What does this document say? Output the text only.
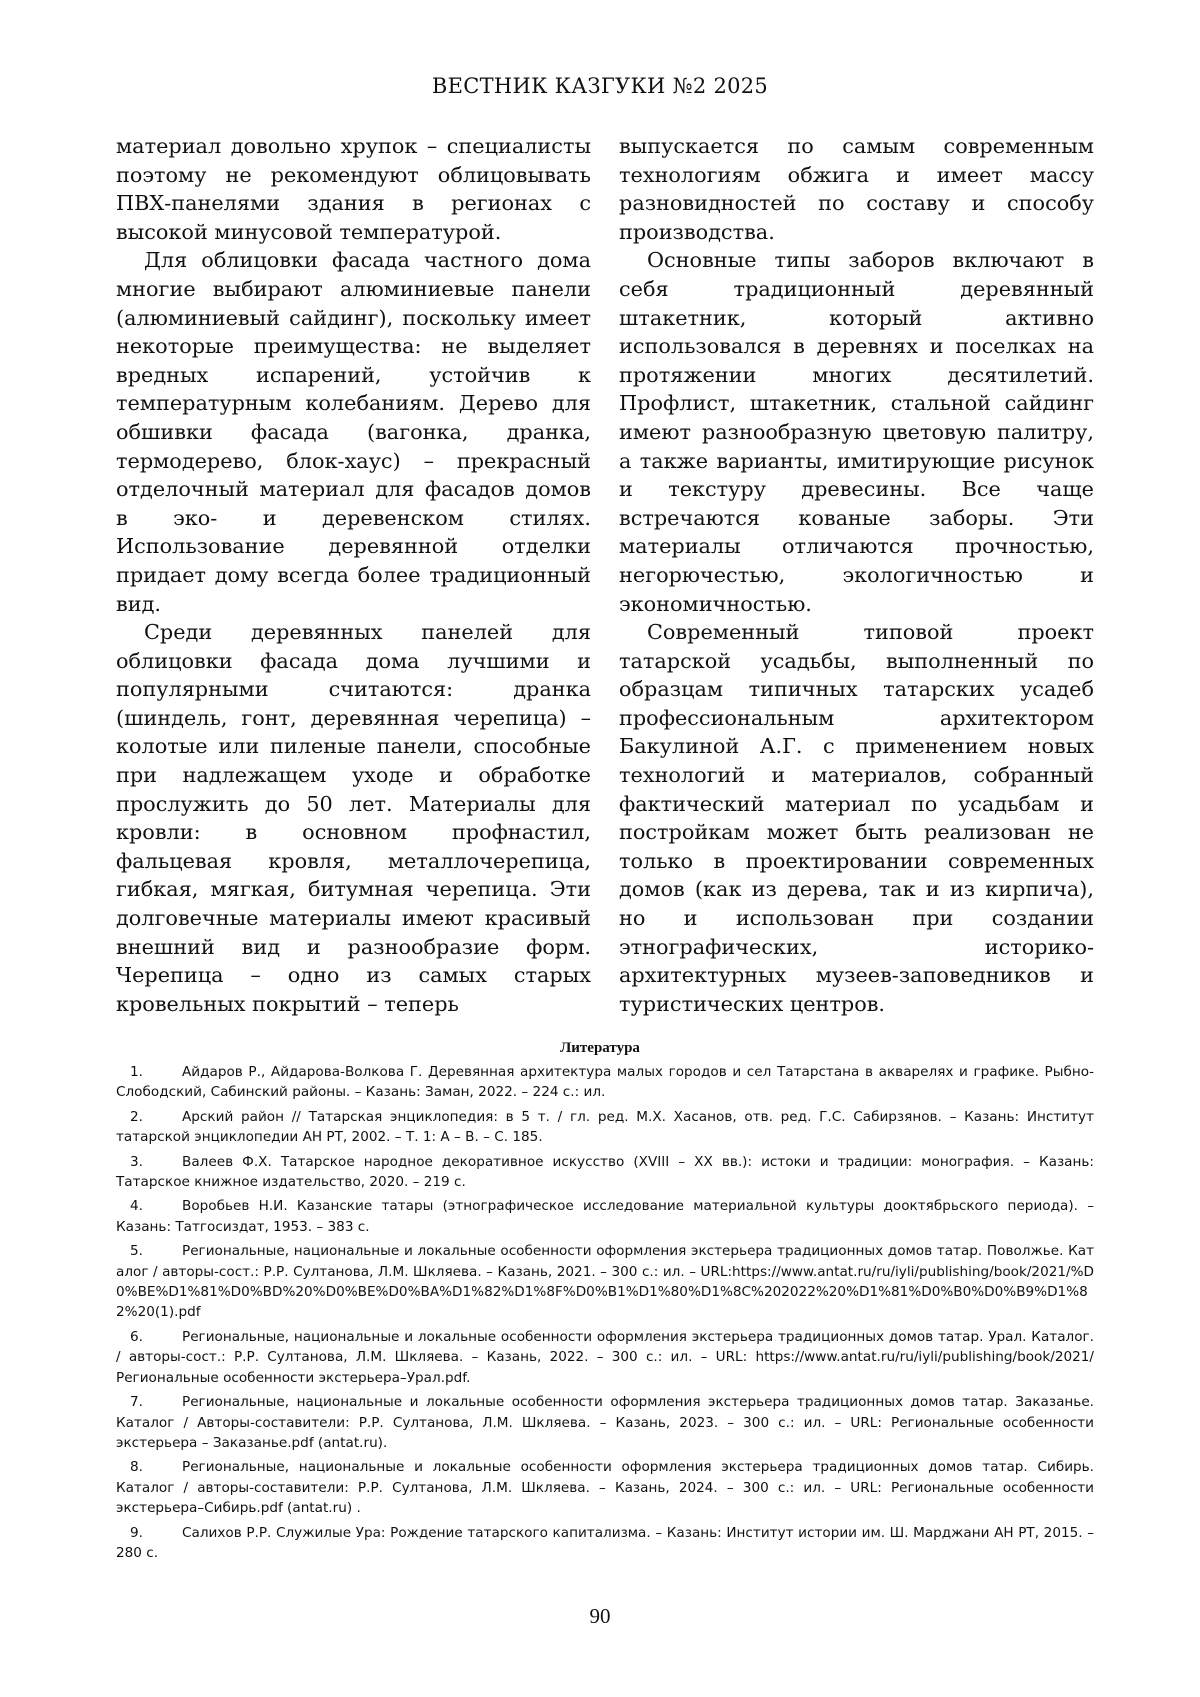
ВЕСТНИК КАЗГУКИ №2 2025

материал довольно хрупок – специалисты поэтому не рекомендуют облицовывать ПВХ-панелями здания в регионах с высокой минусовой температурой.

Для облицовки фасада частного дома многие выбирают алюминиевые панели (алюминиевый сайдинг), поскольку имеет некоторые преимущества: не выделяет вредных испарений, устойчив к температурным колебаниям. Дерево для обшивки фасада (вагонка, дранка, термодерево, блок-хаус) – прекрасный отделочный материал для фасадов домов в эко- и деревенском стилях. Использование деревянной отделки придает дому всегда более традиционный вид.

Среди деревянных панелей для облицовки фасада дома лучшими и популярными считаются: дранка (шиндель, гонт, деревянная черепица) – колотые или пиленые панели, способные при надлежащем уходе и обработке прослужить до 50 лет. Материалы для кровли: в основном профнастил, фальцевая кровля, металлочерепица, гибкая, мягкая, битумная черепица. Эти долговечные материалы имеют красивый внешний вид и разнообразие форм. Черепица – одно из самых старых кровельных покрытий – теперь

выпускается по самым современным технологиям обжига и имеет массу разновидностей по составу и способу производства.

Основные типы заборов включают в себя традиционный деревянный штакетник, который активно использовался в деревнях и поселках на протяжении многих десятилетий. Профлист, штакетник, стальной сайдинг имеют разнообразную цветовую палитру, а также варианты, имитирующие рисунок и текстуру древесины. Все чаще встречаются кованые заборы. Эти материалы отличаются прочностью, негорючестью, экологичностью и экономичностью.

Современный типовой проект татарской усадьбы, выполненный по образцам типичных татарских усадеб профессиональным архитектором Бакулиной А.Г. с применением новых технологий и материалов, собранный фактический материал по усадьбам и постройкам может быть реализован не только в проектировании современных домов (как из дерева, так и из кирпича), но и использован при создании этнографических, историко-архитектурных музеев-заповедников и туристических центров.

Литература

1.	Айдаров Р., Айдарова-Волкова Г. Деревянная архитектура малых городов и сел Татарстана в акварелях и графике. Рыбно-Слободский, Сабинский районы. – Казань: Заман, 2022. – 224 с.: ил.

2.	Арский район // Татарская энциклопедия: в 5 т. / гл. ред. М.Х. Хасанов, отв. ред. Г.С. Сабирзянов. – Казань: Институт татарской энциклопедии АН РТ, 2002. – Т. 1: А – В. – С. 185.

3.	Валеев Ф.Х. Татарское народное декоративное искусство (XVIII – XX вв.): истоки и традиции: монография. – Казань: Татарское книжное издательство, 2020. – 219 с.

4.	Воробьев Н.И. Казанские татары (этнографическое исследование материальной культуры дооктябрьского периода). – Казань: Татгосиздат, 1953. – 383 с.

5.	Региональные, национальные и локальные особенности оформления экстерьера традиционных домов татар. Поволжье. Каталог / авторы-сост.: Р.Р. Султанова, Л.М. Шкляева. – Казань, 2021. – 300 с.: ил. – URL:https://www.antat.ru/ru/iyli/publishing/book/2021/%D0%BE%D1%81%D0%BD%20%D0%BE%D0%BA%D1%82%D1%8F%D0%B1%D1%80%D1%8C%202022%20%D1%81%D0%B0%D0%B9%D1%82%20(1).pdf

6.	Региональные, национальные и локальные особенности оформления экстерьера традиционных домов татар. Урал. Каталог. / авторы-сост.: Р.Р. Султанова, Л.М. Шкляева. – Казань, 2022. – 300 с.: ил. – URL: https://www.antat.ru/ru/iyli/publishing/book/2021/Региональные особенности экстерьера–Урал.pdf.

7.	Региональные, национальные и локальные особенности оформления экстерьера традиционных домов татар. Заказанье. Каталог / Авторы-составители: Р.Р. Султанова, Л.М. Шкляева. – Казань, 2023. – 300 с.: ил. – URL: Региональные особенности экстерьера – Заказанье.pdf (antat.ru).

8.	Региональные, национальные и локальные особенности оформления экстерьера традиционных домов татар. Сибирь. Каталог / авторы-составители: Р.Р. Султанова, Л.М. Шкляева. – Казань, 2024. – 300 с.: ил. – URL: Региональные особенности экстерьера–Сибирь.pdf (antat.ru) .

9.	Салихов Р.Р. Служилые Ура: Рождение татарского капитализма. – Казань: Институт истории им. Ш. Марджани АН РТ, 2015. – 280 с.

90
